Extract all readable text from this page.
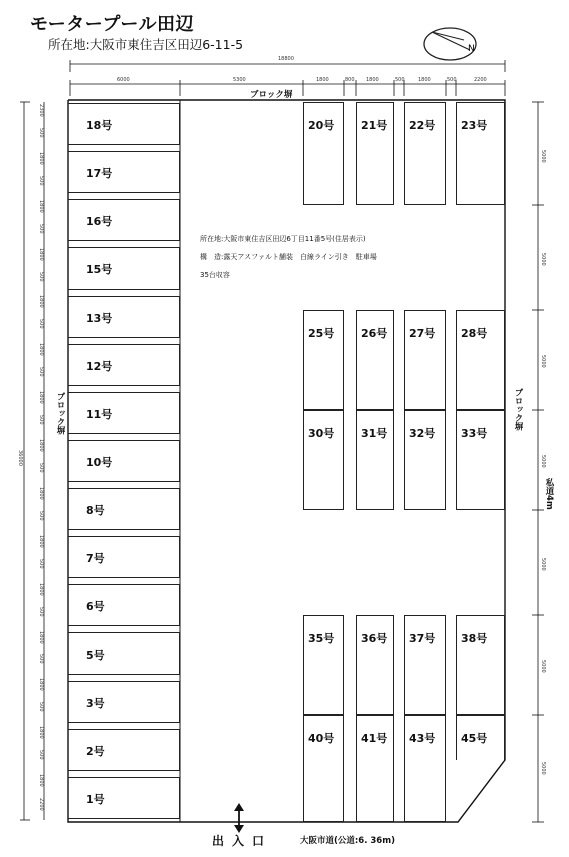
モータープール田辺
所在地:大阪市東住吉区田辺6-11-5	N
18800
6000	5300	1800	800 1800	500	1800	500	2200
ブロック塀
ブロック塀	ブロック塀
36000
2300
500
1800
500
1800
500
1800
500
1800
500
1800
500
1800
500
1800
500
1800
500
1800
500
1800
500
1800
500
1800
500
1800
500
1800
2200
5000
5000
5000
5000
5000
5000
5000
私道4m
18号
17号
16号
15号
13号
12号
11号
10号
8号
7号
6号
5号
3号
2号
1号
20号 21号 22号 23号
25号 26号 27号 28号
30号 31号 32号 33号
35号 36号 37号 38号
40号 41号 43号 45号
所在地:大阪市東住吉区田辺6丁目11番5号(住居表示)
構　造:露天アスファルト舗装　白線ライン引き　駐車場
35台収容
出入口	大阪市道(公道:6. 36m)
